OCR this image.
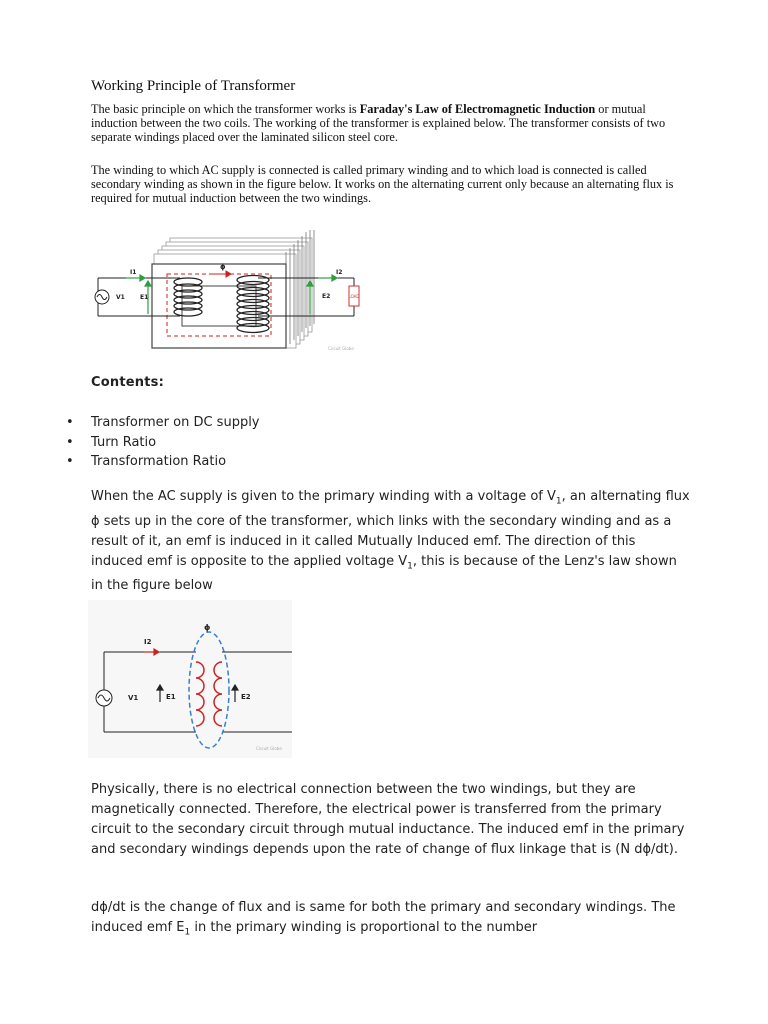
Working Principle of Transformer
The basic principle on which the transformer works is Faraday's Law of Electromagnetic Induction or mutual induction between the two coils. The working of the transformer is explained below. The transformer consists of two separate windings placed over the laminated silicon steel core.
The winding to which AC supply is connected is called primary winding and to which load is connected is called secondary winding as shown in the figure below. It works on the alternating current only because an alternating flux is required for mutual induction between the two windings.
LOAD
I1	I2
ϕ
V1	E1	E2
Circuit Globe
Contents:
• Transformer on DC supply
• Turn Ratio
• Transformation Ratio
When the AC supply is given to the primary winding with a voltage of $V_1$, an alternating flux ϕ sets up in the core of the transformer, which links with the secondary winding and as a result of it, an emf is induced in it called Mutually Induced emf. The direction of this induced emf is opposite to the applied voltage $V_1$, this is because of the Lenz's law shown in the figure below
ϕ
I2
V1	E1	E2
Circuit Globe
Physically, there is no electrical connection between the two windings, but they are magnetically connected. Therefore, the electrical power is transferred from the primary circuit to the secondary circuit through mutual inductance. The induced emf in the primary and secondary windings depends upon the rate of change of flux linkage that is (N dϕ/dt).
dϕ/dt is the change of flux and is same for both the primary and secondary windings. The induced emf $E_1$ in the primary winding is proportional to the number
